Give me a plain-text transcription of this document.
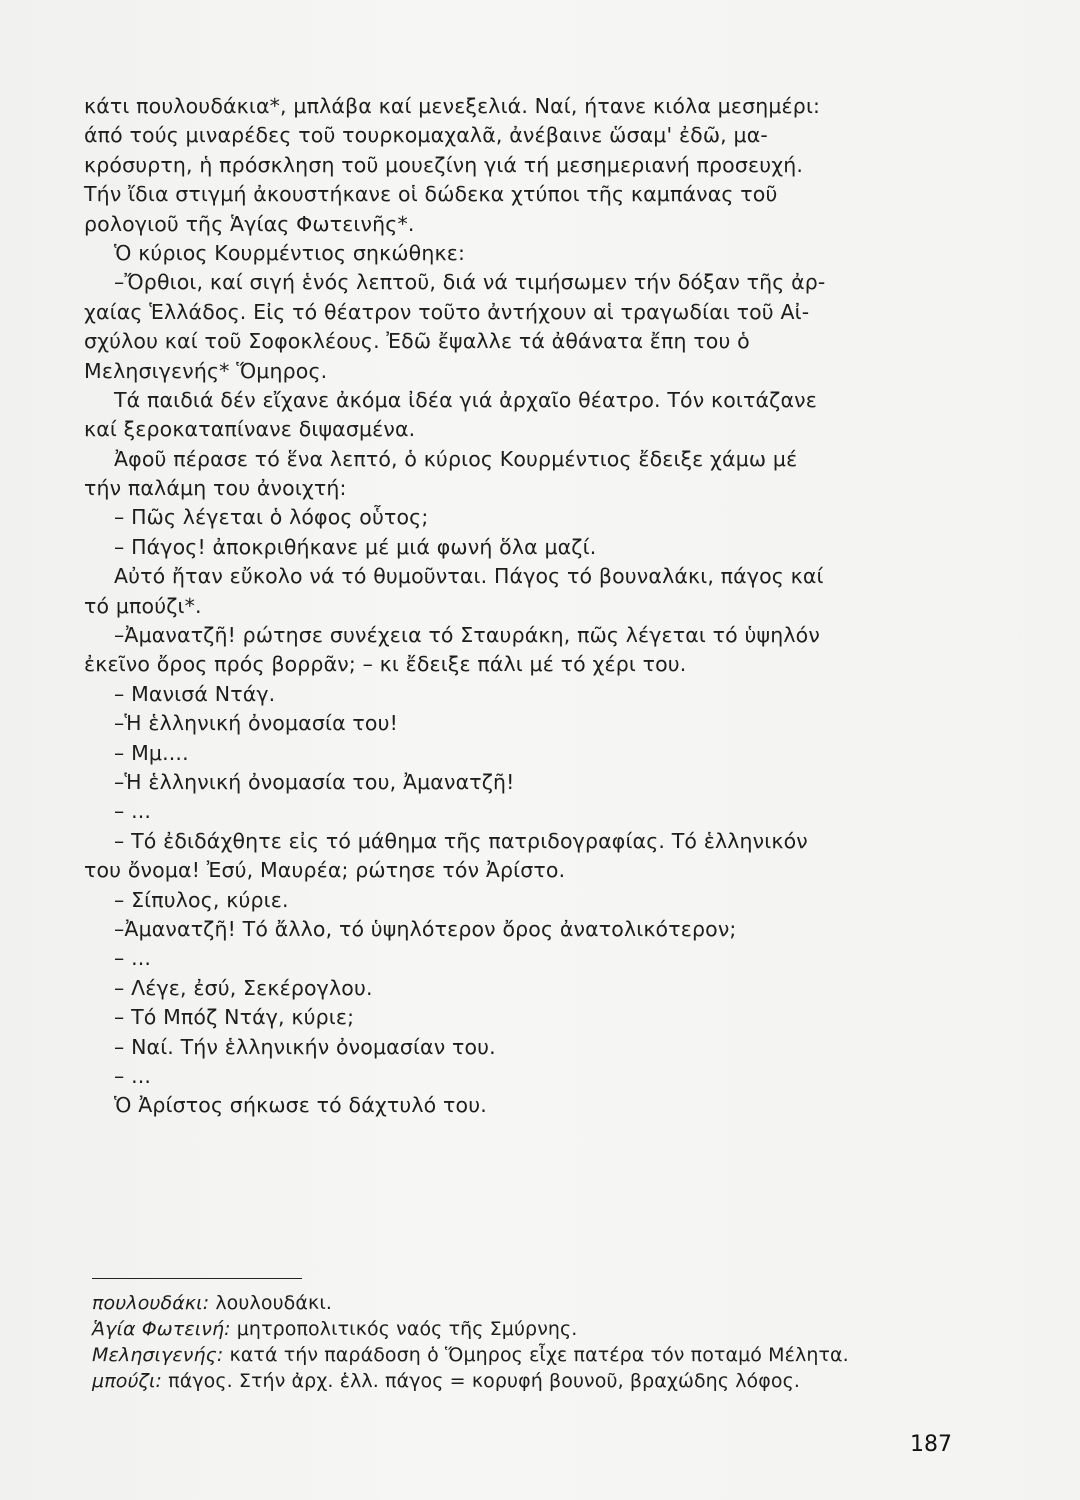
κάτι πουλουδάκια*, μπλάβα καί μενεξελιά. Ναί, ήτανε κιόλα μεσημέρι:
άπό τούς μιναρέδες τοῦ τουρκομαχαλᾶ, ἀνέβαινε ὥσαμ' ἐδῶ, μα-
κρόσυρτη, ἡ πρόσκληση τοῦ μουεζίνη γιά τή μεσημεριανή προσευχή.
Τήν ἴδια στιγμή ἀκουστήκανε οἱ δώδεκα χτύποι τῆς καμπάνας τοῦ
ρολογιοῦ τῆς Ἁγίας Φωτεινῆς*.
Ὁ κύριος Κουρμέντιος σηκώθηκε:
–Ὄρθιοι, καί σιγή ἑνός λεπτοῦ, διά νά τιμήσωμεν τήν δόξαν τῆς ἀρ-
χαίας Ἑλλάδος. Εἰς τό θέατρον τοῦτο ἀντήχουν αἱ τραγωδίαι τοῦ Αἰ-
σχύλου καί τοῦ Σοφοκλέους. Ἐδῶ ἔψαλλε τά ἀθάνατα ἔπη του ὁ
Μελησιγενής* Ὅμηρος.
Τά παιδιά δέν εἴχανε ἀκόμα ἰδέα γιά ἀρχαῖο θέατρο. Τόν κοιτάζανε
καί ξεροκαταπίνανε διψασμένα.
Ἀφοῦ πέρασε τό ἕνα λεπτό, ὁ κύριος Κουρμέντιος ἔδειξε χάμω μέ
τήν παλάμη του ἀνοιχτή:
– Πῶς λέγεται ὁ λόφος οὗτος;
– Πάγος! ἀποκριθήκανε μέ μιά φωνή ὅλα μαζί.
Αὐτό ἤταν εὔκολο νά τό θυμοῦνται. Πάγος τό βουναλάκι, πάγος καί
τό μπούζι*.
–Ἀμανατζῆ! ρώτησε συνέχεια τό Σταυράκη, πῶς λέγεται τό ὑψηλόν
ἐκεῖνο ὄρος πρός βορρᾶν; – κι ἔδειξε πάλι μέ τό χέρι του.
– Μανισά Ντάγ.
–Ἡ ἑλληνική ὀνομασία του!
– Μμ....
–Ἡ ἑλληνική ὀνομασία του, Ἀμανατζῆ!
– ...
– Τό ἐδιδάχθητε εἰς τό μάθημα τῆς πατριδογραφίας. Τό ἑλληνικόν
του ὄνομα! Ἐσύ, Μαυρέα; ρώτησε τόν Ἀρίστο.
– Σίπυλος, κύριε.
–Ἀμανατζῆ! Τό ἄλλο, τό ὑψηλότερον ὄρος ἀνατολικότερον;
– ...
– Λέγε, ἐσύ, Σεκέρογλου.
– Τό Μπόζ Ντάγ, κύριε;
– Ναί. Τήν ἑλληνικήν ὀνομασίαν του.
– ...
Ὁ Ἀρίστος σήκωσε τό δάχτυλό του.
πουλουδάκι: λουλουδάκι.
Ἁγία Φωτεινή: μητροπολιτικός ναός τῆς Σμύρνης.
Μελησιγενής: κατά τήν παράδοση ὁ Ὅμηρος εἶχε πατέρα τόν ποταμό Μέλητα.
μπούζι: πάγος. Στήν ἀρχ. ἑλλ. πάγος = κορυφή βουνοῦ, βραχώδης λόφος.
187
